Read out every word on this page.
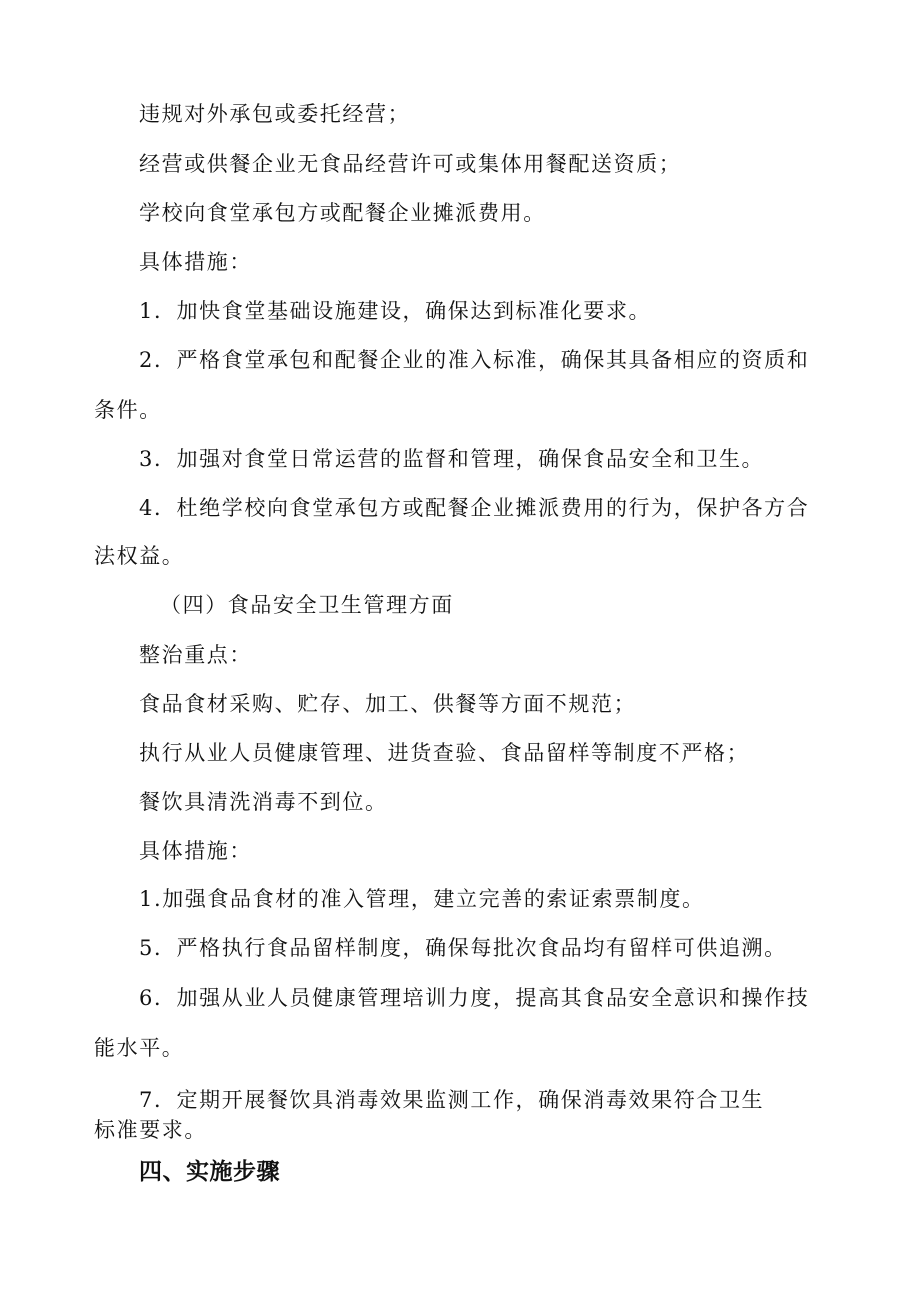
违规对外承包或委托经营；
经营或供餐企业无食品经营许可或集体用餐配送资质；
学校向食堂承包方或配餐企业摊派费用。
具体措施：
1．加快食堂基础设施建设，确保达到标准化要求。
2．严格食堂承包和配餐企业的准入标准，确保其具备相应的资质和
条件。
3．加强对食堂日常运营的监督和管理，确保食品安全和卫生。
4．杜绝学校向食堂承包方或配餐企业摊派费用的行为，保护各方合
法权益。
（四）食品安全卫生管理方面
整治重点：
食品食材采购、贮存、加工、供餐等方面不规范；
执行从业人员健康管理、进货查验、食品留样等制度不严格；
餐饮具清洗消毒不到位。
具体措施：
1.加强食品食材的准入管理，建立完善的索证索票制度。
5．严格执行食品留样制度，确保每批次食品均有留样可供追溯。
6．加强从业人员健康管理培训力度，提高其食品安全意识和操作技
能水平。
7．定期开展餐饮具消毒效果监测工作，确保消毒效果符合卫生
标准要求。
四、实施步骤
